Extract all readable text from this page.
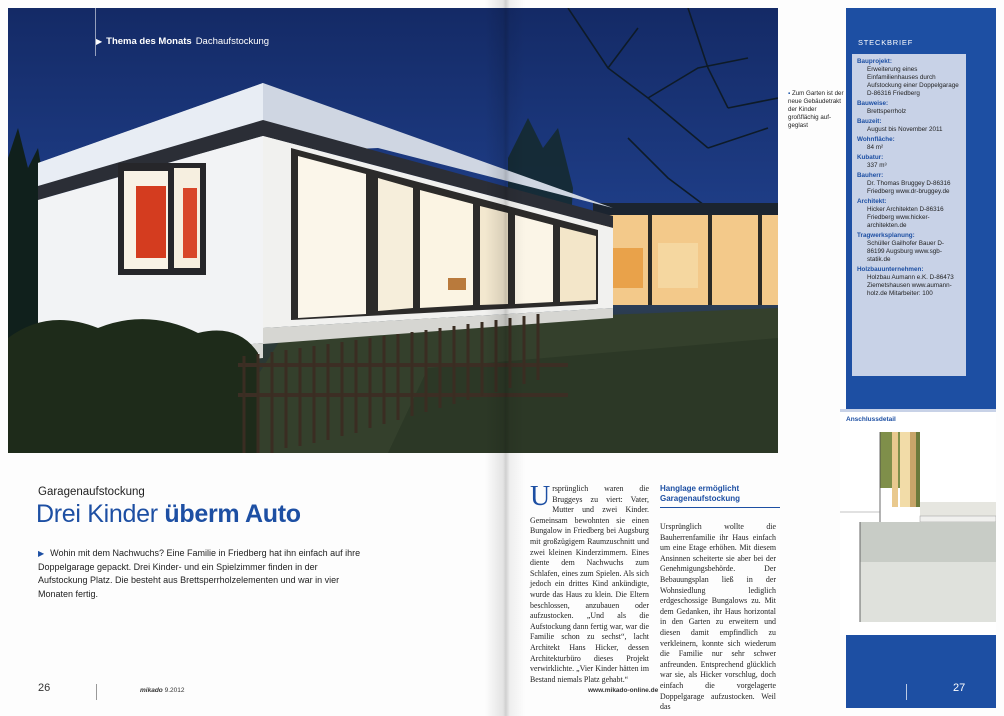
▶ Thema des Monats Dachaufstockung
▪ Zum Garten ist der neue Gebäudetrakt der Kinder großflächig aufgeglast
STECKBRIEF
Bauprojekt:
Erweiterung eines Einfamilienhauses durch Aufstockung einer Doppelgarage D-86316 Friedberg
Bauweise:
Brettsperrholz
Bauzeit:
August bis November 2011
Wohnfläche:
84 m²
Kubatur:
337 m³
Bauherr:
Dr. Thomas Bruggey D-86316 Friedberg www.dr-bruggey.de
Architekt:
Hicker Architekten D-86316 Friedberg www.hicker-architekten.de
Tragwerksplanung:
Schüller Gailhofer Bauer D-86199 Augsburg www.sgb-statik.de
Holzbauunternehmen:
Holzbau Aumann e.K. D-86473 Ziemetshausen www.aumann-holz.de Mitarbeiter: 100
Anschlussdetail
Garagenaufstockung
Drei Kinder überm Auto
▶ Wohin mit dem Nachwuchs? Eine Familie in Friedberg hat ihn einfach auf ihre Doppelgarage gepackt. Drei Kinder- und ein Spielzimmer finden in der Aufstockung Platz. Die besteht aus Brettsperrholzelementen und war in vier Monaten fertig.
Ursprünglich waren die Bruggeys zu viert: Vater, Mutter und zwei Kinder. Gemeinsam bewohnten sie einen Bungalow in Friedberg bei Augsburg mit großzügigem Raumzuschnitt und zwei kleinen Kinderzimmern. Eines diente dem Nachwuchs zum Schlafen, eines zum Spielen. Als sich jedoch ein drittes Kind ankündigte, wurde das Haus zu klein. Die Eltern beschlossen, anzubauen oder aufzustocken. „Und als die Aufstockung dann fertig war, war die Familie schon zu sechst“, lacht Architekt Hans Hicker, dessen Architekturbüro dieses Projekt verwirklichte. „Vier Kinder hätten im Bestand niemals Platz gehabt.“
Hanglage ermöglicht Garagenaufstockung
Ursprünglich wollte die Bauherrenfamilie ihr Haus einfach um eine Etage erhöhen. Mit diesem Ansinnen scheiterte sie aber bei der Genehmigungsbehörde. Der Bebauungsplan ließ in der Wohnsiedlung lediglich erdgeschossige Bungalows zu. Mit dem Gedanken, ihr Haus horizontal in den Garten zu erweitern und diesen damit empfindlich zu verkleinern, konnte sich wiederum die Familie nur sehr schwer anfreunden. Entsprechend glücklich war sie, als Hicker vorschlug, doch einfach die vorgelagerte Doppelgarage aufzustocken. Weil das
26	mikado 9.2012	www.mikado-online.de	27
